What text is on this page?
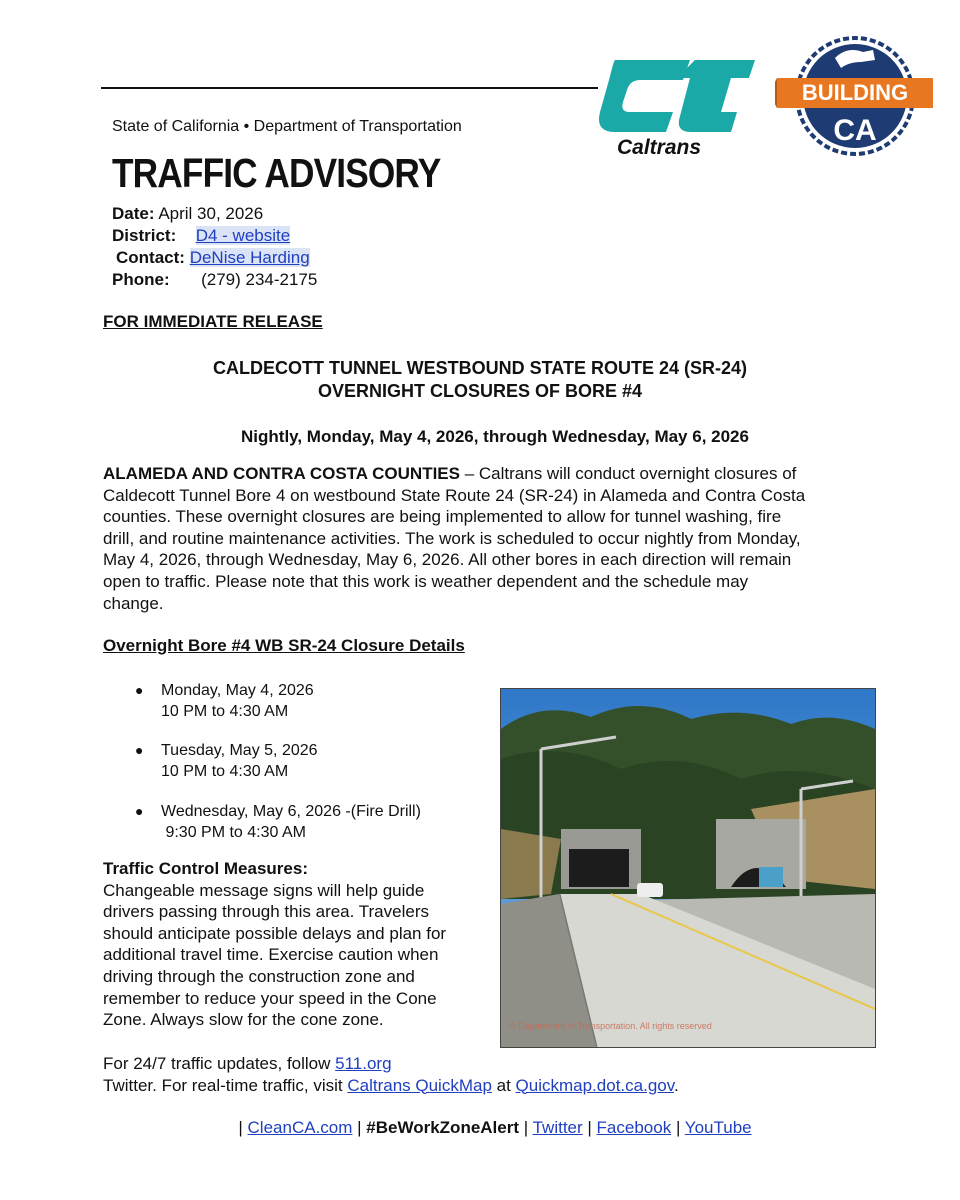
Caltrans
BUILDING
CA
State of California • Department of Transportation
TRAFFIC ADVISORY
Date: April 30, 2026
District: D4 - website
Contact: DeNise Harding
Phone: (279) 234-2175
FOR IMMEDIATE RELEASE
CALDECOTT TUNNEL WESTBOUND STATE ROUTE 24 (SR-24)
OVERNIGHT CLOSURES OF BORE #4
Nightly, Monday, May 4, 2026, through Wednesday, May 6, 2026
ALAMEDA AND CONTRA COSTA COUNTIES – Caltrans will conduct overnight closures of
Caldecott Tunnel Bore 4 on westbound State Route 24 (SR-24) in Alameda and Contra Costa
counties. These overnight closures are being implemented to allow for tunnel washing, fire
drill, and routine maintenance activities. The work is scheduled to occur nightly from Monday,
May 4, 2026, through Wednesday, May 6, 2026. All other bores in each direction will remain
open to traffic. Please note that this work is weather dependent and the schedule may
change.
Overnight Bore #4 WB SR-24 Closure Details
● Monday, May 4, 2026
10 PM to 4:30 AM
● Tuesday, May 5, 2026
10 PM to 4:30 AM
● Wednesday, May 6, 2026 -(Fire Drill)
9:30 PM to 4:30 AM
Traffic Control Measures:
Changeable message signs will help guide
drivers passing through this area. Travelers
should anticipate possible delays and plan for
additional travel time. Exercise caution when
driving through the construction zone and
remember to reduce your speed in the Cone
Zone. Always slow for the cone zone.	© Department of Transportation. All rights reserved
For 24/7 traffic updates, follow 511.org
Twitter. For real-time traffic, visit Caltrans QuickMap at Quickmap.dot.ca.gov.
| CleanCA.com | #BeWorkZoneAlert | Twitter | Facebook | YouTube
